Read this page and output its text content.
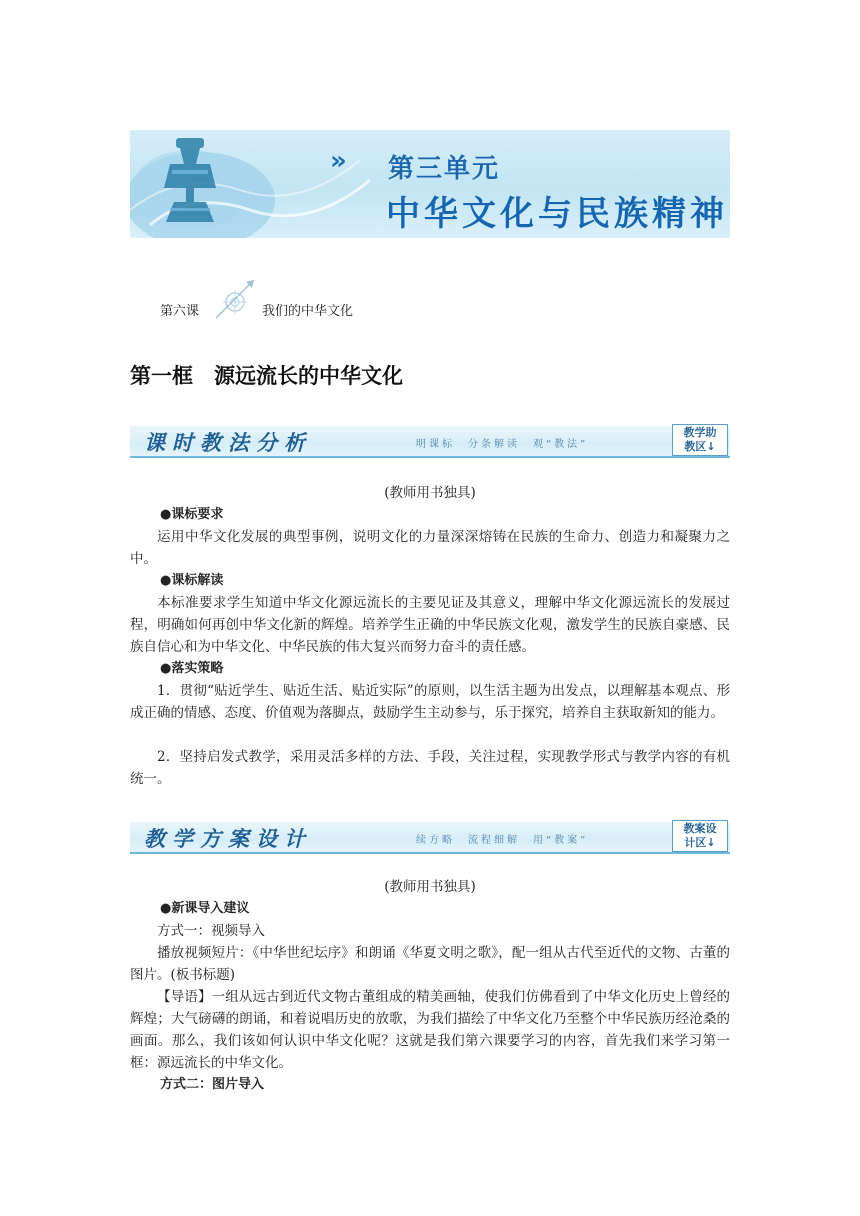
» 第三单元
中华文化与民族精神
第六课	我们的中华文化
第一框　源远流长的中华文化
课时教法分析	明课标　分条解读　观“教法”
教学助
教区↓
(教师用书独具)
●课标要求
运用中华文化发展的典型事例，说明文化的力量深深熔铸在民族的生命力、创造力和凝聚力之中。
●课标解读
本标准要求学生知道中华文化源远流长的主要见证及其意义，理解中华文化源远流长的发展过程，明确如何再创中华文化新的辉煌。培养学生正确的中华民族文化观，激发学生的民族自豪感、民族自信心和为中华文化、中华民族的伟大复兴而努力奋斗的责任感。
●落实策略
1．贯彻“贴近学生、贴近生活、贴近实际”的原则，以生活主题为出发点，以理解基本观点、形成正确的情感、态度、价值观为落脚点，鼓励学生主动参与，乐于探究，培养自主获取新知的能力。
2．坚持启发式教学，采用灵活多样的方法、手段，关注过程，实现教学形式与教学内容的有机统一。
教学方案设计	续方略　流程细解　用“教案”
教案设
计区↓
(教师用书独具)
●新课导入建议
方式一：视频导入
播放视频短片：《中华世纪坛序》和朗诵《华夏文明之歌》，配一组从古代至近代的文物、古董的图片。(板书标题)
【导语】一组从远古到近代文物古董组成的精美画轴，使我们仿佛看到了中华文化历史上曾经的辉煌；大气磅礴的朗诵，和着说唱历史的放歌，为我们描绘了中华文化乃至整个中华民族历经沧桑的画面。那么，我们该如何认识中华文化呢？这就是我们第六课要学习的内容，首先我们来学习第一框：源远流长的中华文化。
方式二：图片导入
